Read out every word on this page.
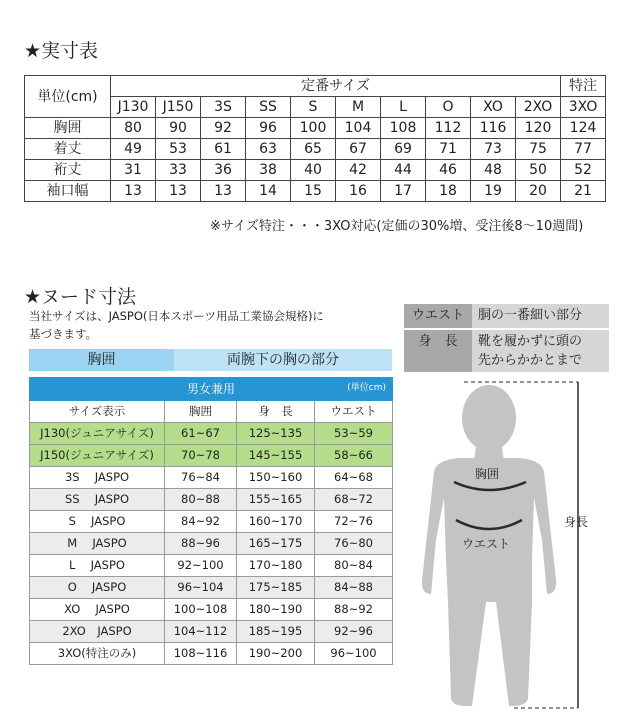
★実寸表
単位(cm)	定番サイズ										特注
	J130	J150	3S	SS	S	M	L	O	XO	2XO	3XO
胸囲	80	90	92	96	100	104	108	112	116	120	124
着丈	49	53	61	63	65	67	69	71	73	75	77
裄丈	31	33	36	38	40	42	44	46	48	50	52
袖口幅	13	13	13	14	15	16	17	18	19	20	21
※サイズ特注・・・3XO対応(定価の30%増、受注後8〜10週間)
★ヌード寸法
当社サイズは、JASPO(日本スポーツ用品工業協会規格)に
基づきます。
胸囲	両腕下の胸の部分
男女兼用 (単位cm)			

サイズ表示	胸囲	身　長	ウエスト
J130(ジュニアサイズ)	61~67	125~135	53~59
J150(ジュニアサイズ)	70~78	145~155	58~66
3S　 JASPO	76~84	150~160	64~68
SS　 JASPO	80~88	155~165	68~72
S　 JASPO	84~92	160~170	72~76
M　 JASPO	88~96	165~175	76~80
L　 JASPO	92~100	170~180	80~84
O　 JASPO	96~104	175~185	84~88
XO　 JASPO	100~108	180~190	88~92
2XO　JASPO	104~112	185~195	92~96
3XO(特注のみ)	108~116	190~200	96~100
ウエスト	胴の一番細い部分
身　長	靴を履かずに頭の
先からかかとまで
胸囲
ウエスト
身長
